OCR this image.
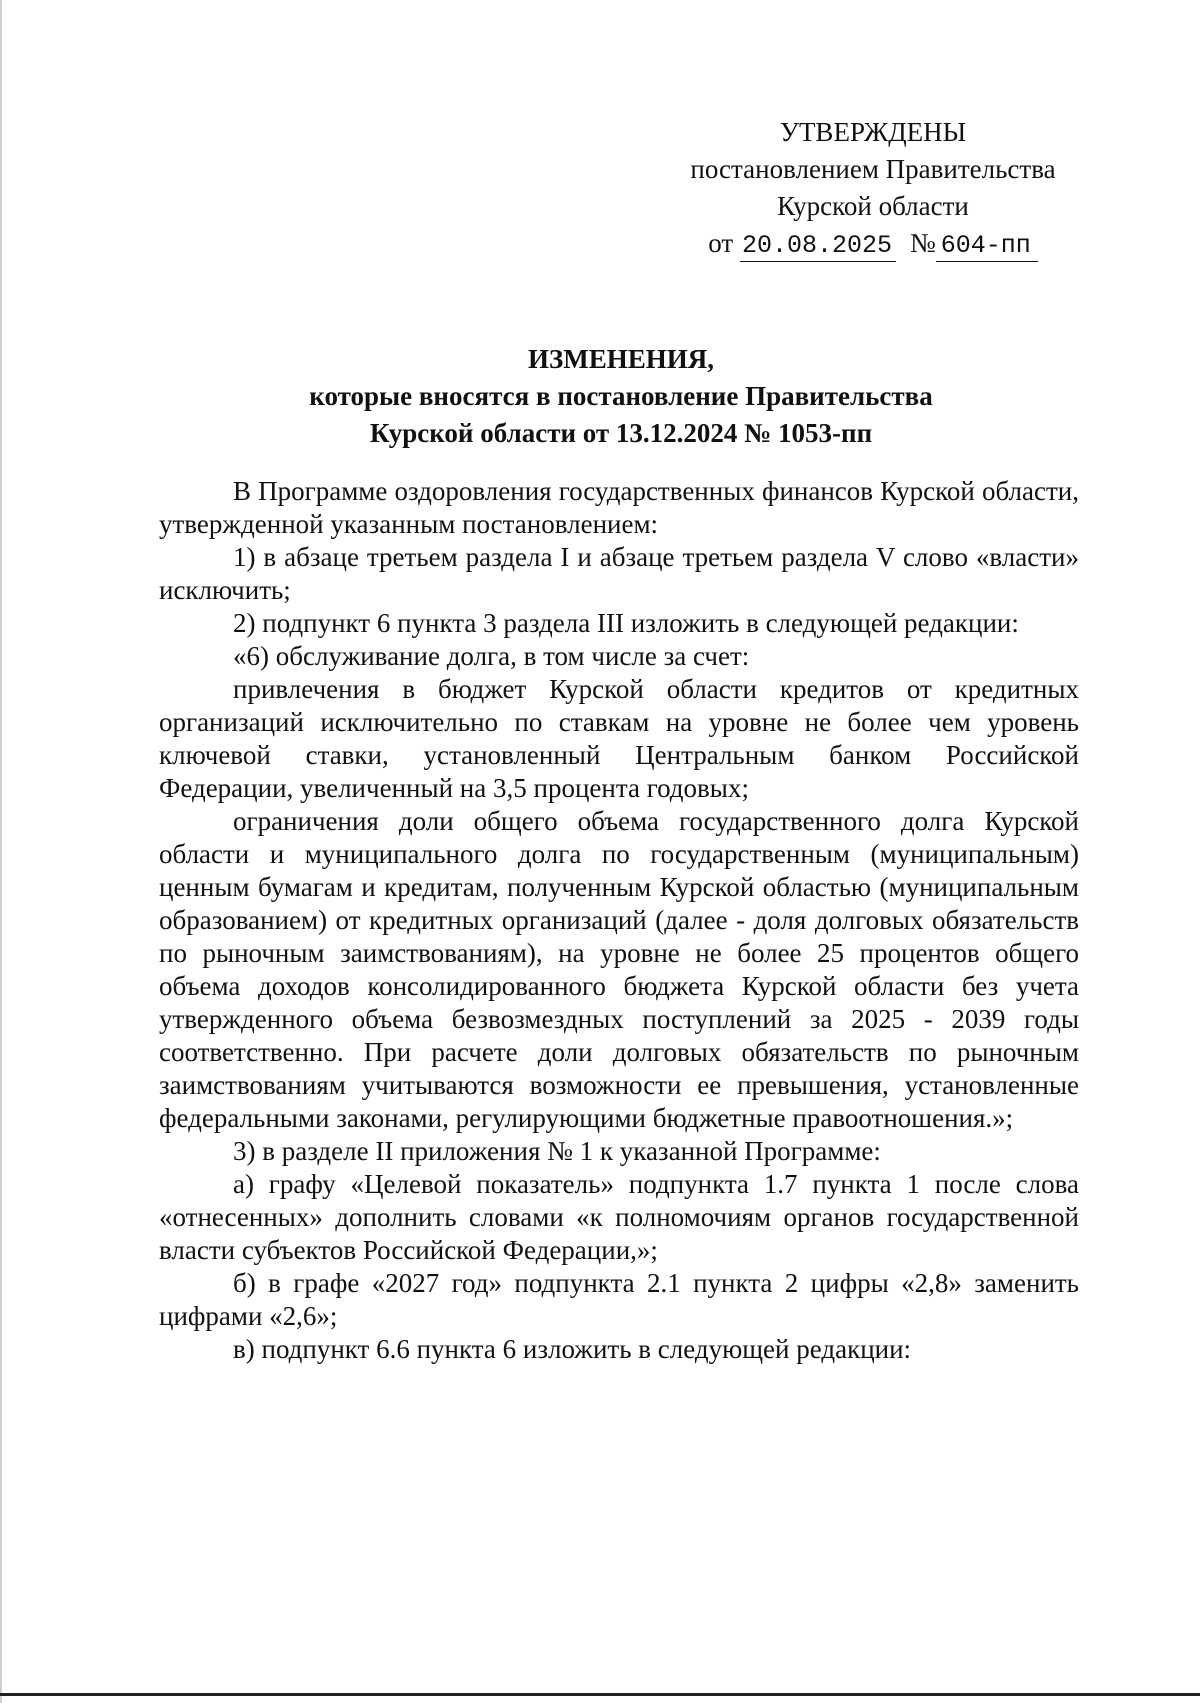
УТВЕРЖДЕНЫ
постановлением Правительства
Курской области
от 20.08.2025 № 604-пп
ИЗМЕНЕНИЯ,
которые вносятся в постановление Правительства
Курской области от 13.12.2024 № 1053-пп

В Программе оздоровления государственных финансов Курской области, утвержденной указанным постановлением:

1) в абзаце третьем раздела I и абзаце третьем раздела V слово «власти» исключить;

2) подпункт 6 пункта 3 раздела III изложить в следующей редакции:

«6) обслуживание долга, в том числе за счет:

привлечения в бюджет Курской области кредитов от кредитных организаций исключительно по ставкам на уровне не более чем уровень ключевой ставки, установленный Центральным банком Российской Федерации, увеличенный на 3,5 процента годовых;

ограничения доли общего объема государственного долга Курской области и муниципального долга по государственным (муниципальным) ценным бумагам и кредитам, полученным Курской областью (муниципальным образованием) от кредитных организаций (далее - доля долговых обязательств по рыночным заимствованиям), на уровне не более 25 процентов общего объема доходов консолидированного бюджета Курской области без учета утвержденного объема безвозмездных поступлений за 2025 - 2039 годы соответственно. При расчете доли долговых обязательств по рыночным заимствованиям учитываются возможности ее превышения, установленные федеральными законами, регулирующими бюджетные правоотношения.»;

3) в разделе II приложения № 1 к указанной Программе:

а) графу «Целевой показатель» подпункта 1.7 пункта 1 после слова «отнесенных» дополнить словами «к полномочиям органов государственной власти субъектов Российской Федерации,»;

б) в графе «2027 год» подпункта 2.1 пункта 2 цифры «2,8» заменить цифрами «2,6»;

в) подпункт 6.6 пункта 6 изложить в следующей редакции:
